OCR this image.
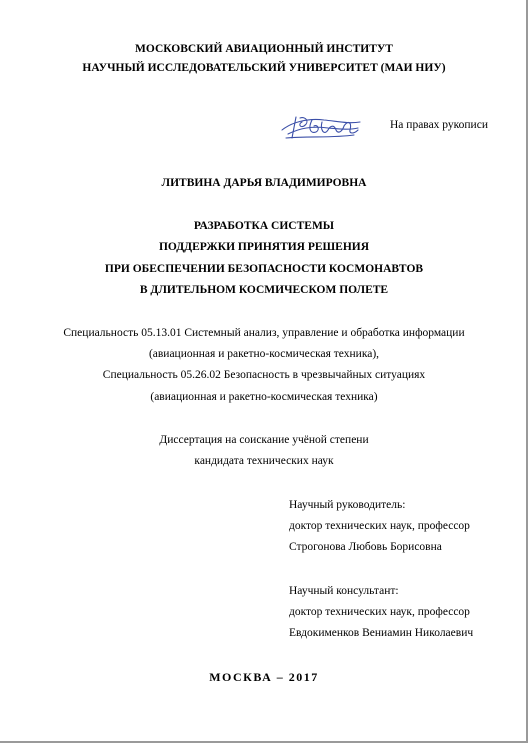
МОСКОВСКИЙ АВИАЦИОННЫЙ ИНСТИТУТ
НАУЧНЫЙ ИССЛЕДОВАТЕЛЬСКИЙ УНИВЕРСИТЕТ (МАИ НИУ)
На правах рукописи
ЛИТВИНА ДАРЬЯ ВЛАДИМИРОВНА
РАЗРАБОТКА СИСТЕМЫ
ПОДДЕРЖКИ ПРИНЯТИЯ РЕШЕНИЯ
ПРИ ОБЕСПЕЧЕНИИ БЕЗОПАСНОСТИ КОСМОНАВТОВ
В ДЛИТЕЛЬНОМ КОСМИЧЕСКОМ ПОЛЕТЕ
Специальность 05.13.01 Системный анализ, управление и обработка информации
(авиационная и ракетно-космическая техника),
Специальность 05.26.02 Безопасность в чрезвычайных ситуациях
(авиационная и ракетно-космическая техника)
Диссертация на соискание учёной степени
кандидата технических наук
Научный руководитель:
доктор технических наук, профессор
Строгонова Любовь Борисовна
Научный консультант:
доктор технических наук, профессор
Евдокименков Вениамин Николаевич
МОСКВА – 2017
